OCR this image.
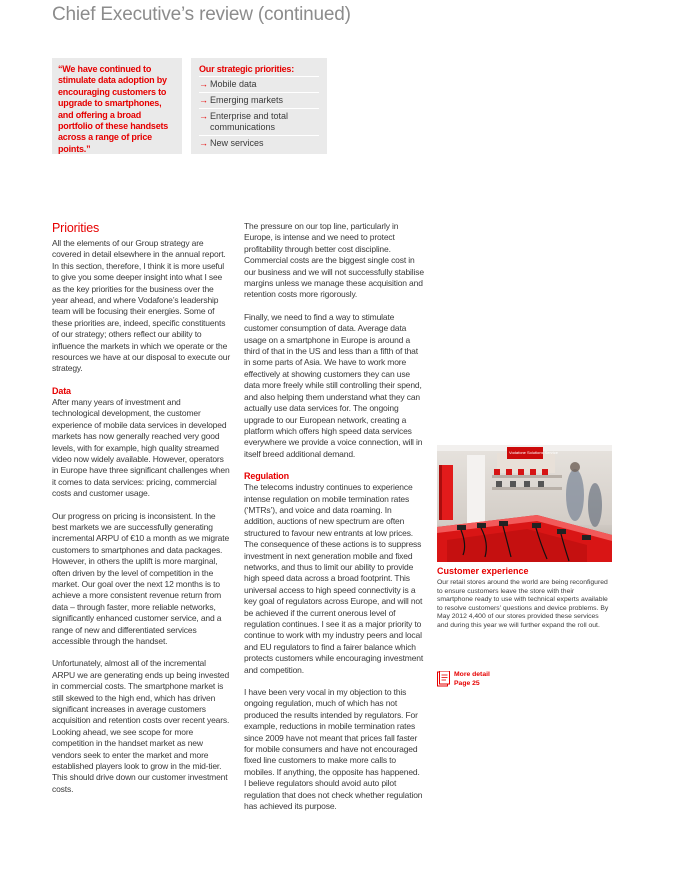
Chief Executive’s review (continued)
“We have continued to stimulate data adoption by encouraging customers to upgrade to smartphones, and offering a broad portfolio of these handsets across a range of price points.”
Our strategic priorities:
→ Mobile data
→ Emerging markets
→ Enterprise and total communications
→ New services
Priorities

All the elements of our Group strategy are covered in detail elsewhere in the annual report. In this section, therefore, I think it is more useful to give you some deeper insight into what I see as the key priorities for the business over the year ahead, and where Vodafone’s leadership team will be focusing their energies. Some of these priorities are, indeed, specific constituents of our strategy; others reflect our ability to influence the markets in which we operate or the resources we have at our disposal to execute our strategy.

Data

After many years of investment and technological development, the customer experience of mobile data services in developed markets has now generally reached very good levels, with for example, high quality streamed video now widely available. However, operators in Europe have three significant challenges when it comes to data services: pricing, commercial costs and customer usage.

Our progress on pricing is inconsistent. In the best markets we are successfully generating incremental ARPU of €10 a month as we migrate customers to smartphones and data packages. However, in others the uplift is more marginal, often driven by the level of competition in the market. Our goal over the next 12 months is to achieve a more consistent revenue return from data – through faster, more reliable networks, significantly enhanced customer service, and a range of new and differentiated services accessible through the handset.

Unfortunately, almost all of the incremental ARPU we are generating ends up being invested in commercial costs. The smartphone market is still skewed to the high end, which has driven significant increases in average customers acquisition and retention costs over recent years. Looking ahead, we see scope for more competition in the handset market as new vendors seek to enter the market and more established players look to grow in the mid-tier. This should drive down our customer investment costs.

The pressure on our top line, particularly in Europe, is intense and we need to protect profitability through better cost discipline. Commercial costs are the biggest single cost in our business and we will not successfully stabilise margins unless we manage these acquisition and retention costs more rigorously.

Finally, we need to find a way to stimulate customer consumption of data. Average data usage on a smartphone in Europe is around a third of that in the US and less than a fifth of that in some parts of Asia. We have to work more effectively at showing customers they can use data more freely while still controlling their spend, and also helping them understand what they can actually use data services for. The ongoing upgrade to our European network, creating a platform which offers high speed data services everywhere we provide a voice connection, will in itself breed additional demand.

Regulation

The telecoms industry continues to experience intense regulation on mobile termination rates (‘MTRs’), and voice and data roaming. In addition, auctions of new spectrum are often structured to favour new entrants at low prices. The consequence of these actions is to suppress investment in next generation mobile and fixed networks, and thus to limit our ability to provide high speed data across a broad footprint. This universal access to high speed connectivity is a key goal of regulators across Europe, and will not be achieved if the current onerous level of regulation continues. I see it as a major priority to continue to work with my industry peers and local and EU regulators to find a fairer balance which protects customers while encouraging investment and competition.

I have been very vocal in my objection to this ongoing regulation, much of which has not produced the results intended by regulators. For example, reductions in mobile termination rates since 2009 have not meant that prices fall faster for mobile consumers and have not encouraged fixed line customers to make more calls to mobiles. If anything, the opposite has happened. I believe regulators should avoid auto pilot regulation that does not check whether regulation has achieved its purpose.

Vodafone Solutions Service
Customer experience
Our retail stores around the world are being reconfigured to ensure customers leave the store with their smartphone ready to use with technical experts available to resolve customers’ questions and device problems. By May 2012 4,400 of our stores provided these services and during this year we will further expand the roll out.
More detail
Page 25
